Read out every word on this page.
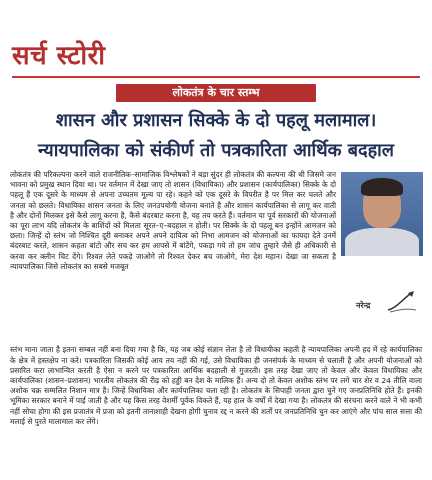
सर्च स्टोरी
लोकतंत्र के चार स्तम्भ
शासन और प्रशासन सिक्के के दो पहलू मलामाल।
न्यायपालिका को संकीर्ण तो पत्रकारिता आर्थिक बदहाल

लोकतंत्र की परिकल्पना करने वाले राजनीतिक–सामाजिक विश्लेषकों ने बड़ा सुंदर ही लोकतंत्र की कल्पना की थी जिसमे जन भावना को प्रमुख स्थान दिया था। पर वर्तमान में देखा जाए तो शासन (विधायिका) और प्रशासन (कार्यपालिका) सिक्के के दो पहलू हैं एक दूसरे के माध्यम से अपना उच्चतम मूल्य पा रहे। कहने को एक दूसरे के विपरीत है पर मिल कर चलते और जनता को छलते। विधायिका शासन जनता के लिए जनउपयोगी योजना बनाते है और शासन कार्यपालिका से लागू कर वाती है और दोनों मिलकर इसे कैसे लागू करना है, कैसे बंदरबाट करना है, यह तय करते हैं। वर्तमान या पूर्व सरकारों की योजनाओं का पूरा लाभ यदि लोकतंत्र के बाशिंदों को मिलता सूरत–ए–बदहाल न होती। पर सिक्के के दो पहलू बन इन्होंने आमजन को छला। जिन्हें दो स्तंभ जो निश्चित दूरी बनाकर अपने अपने दायित्व को निभा आमजन को योजनाओं का फायदा देते उनमें बंदरबाट करते, शासन कहता बांटो और सच कर हम आपसे में बांटेंगे, पकड़ा गये तो हम जांच तुम्हारे जैसे ही अधिकारी से करवा कर क्लीन चिट देंगे। रिश्वत लेते पकड़े जाओगे तो रिश्वत देकर बच जाओगे, मेरा देश महान। देखा जा सकता है न्यायपालिका जिसे लोकतंत्र का सबसे मजबूत

नरेन्द्र

स्तंभ माना जाता है इतना सम्बल नहीं बना दिया गया है कि, यह जब कोई संज्ञान लेता है तो विधायीका कहती है न्यायपालिका अपनी हद में रहे कार्यपालिका के क्षेत्र में हस्तक्षेप ना करे। पत्रकारिता जिसकी कोई आय तय नहीं की गई, उसे विधायिका ही जनसंपर्क के माध्यम से चलाती है और अपनी योजनाओं को प्रसारित करा लाभान्वित करती है ऐसा न करने पर पत्रकारिता आर्थिक बदहाली से गुजरती। इस तरह देखा जाए तो केवल और केवल विधायिका और कार्यपालिका (शासन–प्रशासन) भारतीय लोकतंत्र की रीढ़ को हड्डी बन देश के मालिक हैं। अन्य दो तो केवल अशोक स्तंभ पर लगे चार शेर व 24 तीलि वाला अशोक चक्र सम्मलित निशान मात्र है। जिन्हें विधायिका और कार्यपालिका चला रही है। लोकतंत्र के सिपाही जनता द्वारा चुने गए जनप्रतिनिधि होते हैं। इनकी भूमिका सरकार बनाने में पाई जाती है और यह किस तरह वेशर्मी पूर्वक विकते हैं, यह हाल के वर्षों में देखा गया है। लोकतंत्र की संरचना करने वाले ने भी कभी नहीं सोचा होगा की इस प्रजातंत्र में प्रजा को इतनी तानाशाही देखना होगी चुनाव रद्द न करने की शर्तों पर जनप्रतिनिधि चुन कर आएंगे और पांच साल सत्ता की मलाई से पुरते मालामाल कर लेंगे।
